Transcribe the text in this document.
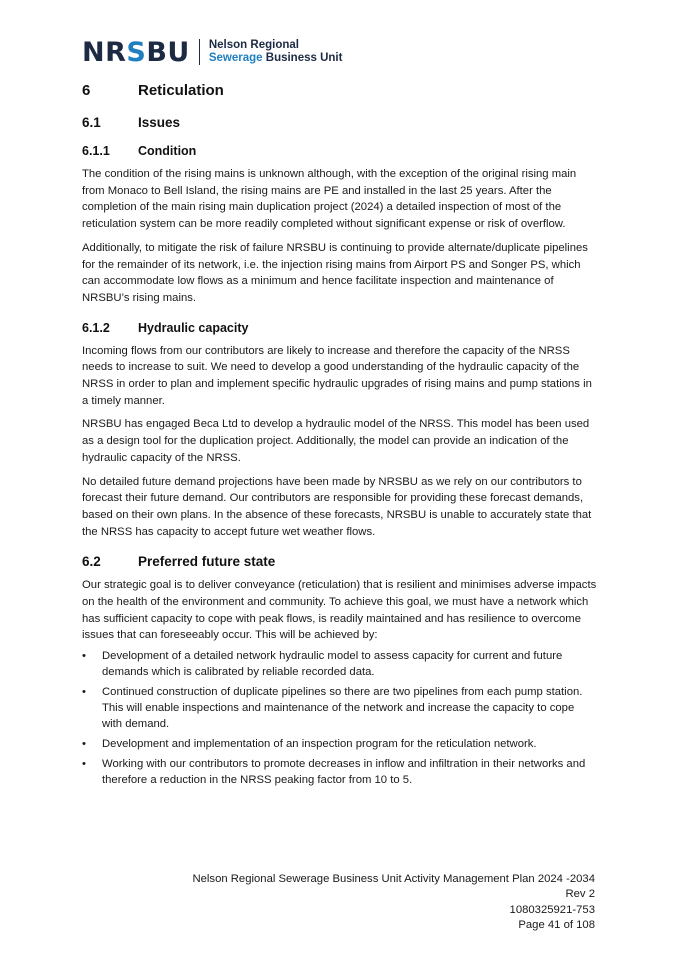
NRSBU Nelson Regional
Sewerage Business Unit
6	Reticulation
6.1	Issues
6.1.1	Condition

The condition of the rising mains is unknown although, with the exception of the original rising main from Monaco to Bell Island, the rising mains are PE and installed in the last 25 years. After the completion of the main rising main duplication project (2024) a detailed inspection of most of the reticulation system can be more readily completed without significant expense or risk of overflow.

Additionally, to mitigate the risk of failure NRSBU is continuing to provide alternate/duplicate pipelines for the remainder of its network, i.e. the injection rising mains from Airport PS and Songer PS, which can accommodate low flows as a minimum and hence facilitate inspection and maintenance of NRSBU’s rising mains.

6.1.2	Hydraulic capacity

Incoming flows from our contributors are likely to increase and therefore the capacity of the NRSS needs to increase to suit. We need to develop a good understanding of the hydraulic capacity of the NRSS in order to plan and implement specific hydraulic upgrades of rising mains and pump stations in a timely manner.

NRSBU has engaged Beca Ltd to develop a hydraulic model of the NRSS. This model has been used as a design tool for the duplication project. Additionally, the model can provide an indication of the hydraulic capacity of the NRSS.

No detailed future demand projections have been made by NRSBU as we rely on our contributors to forecast their future demand. Our contributors are responsible for providing these forecast demands, based on their own plans. In the absence of these forecasts, NRSBU is unable to accurately state that the NRSS has capacity to accept future wet weather flows.

6.2	Preferred future state

Our strategic goal is to deliver conveyance (reticulation) that is resilient and minimises adverse impacts on the health of the environment and community. To achieve this goal, we must have a network which has sufficient capacity to cope with peak flows, is readily maintained and has resilience to overcome issues that can foreseeably occur. This will be achieved by:

• Development of a detailed network hydraulic model to assess capacity for current and future demands which is calibrated by reliable recorded data.
• Continued construction of duplicate pipelines so there are two pipelines from each pump station. This will enable inspections and maintenance of the network and increase the capacity to cope with demand.
• Development and implementation of an inspection program for the reticulation network.
• Working with our contributors to promote decreases in inflow and infiltration in their networks and therefore a reduction in the NRSS peaking factor from 10 to 5.
Nelson Regional Sewerage Business Unit Activity Management Plan 2024 -2034
Rev 2
1080325921-753
Page 41 of 108
